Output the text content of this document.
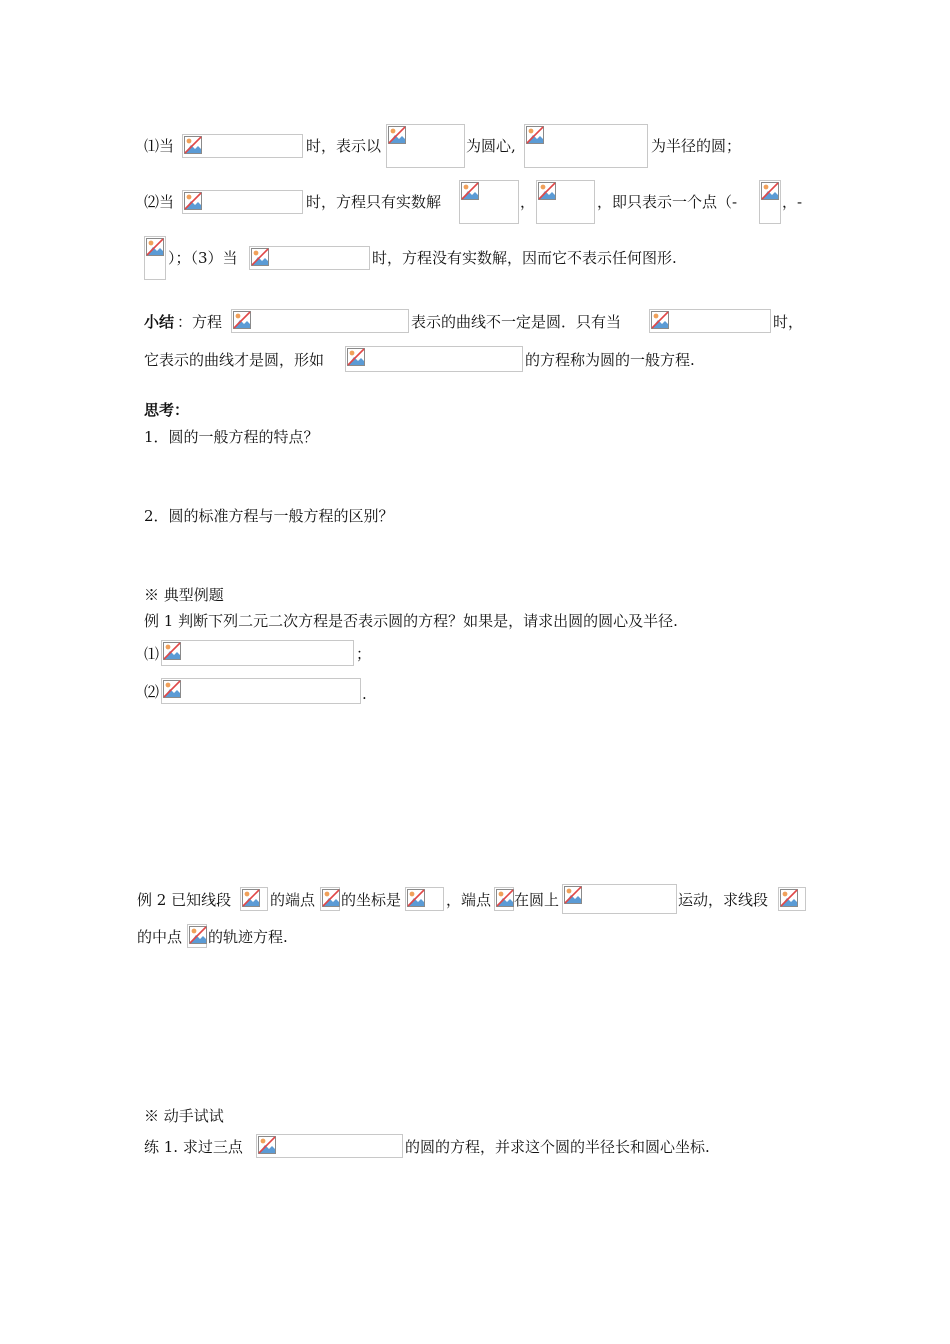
⑴当	时，表示以	为圆心,	为半径的圆；
⑵当	时，方程只有实数解	，	，即只表示一个点（-	，-
）；（3）当	时，方程没有实数解，因而它不表示任何图形.
小结 ：方程	表示的曲线不一定是圆．只有当	时，
它表示的曲线才是圆，形如	的方程称为圆的一般方程.
思考：
1．圆的一般方程的特点？
2．圆的标准方程与一般方程的区别？
※ 典型例题
例 1 判断下列二元二次方程是否表示圆的方程？如果是，请求出圆的圆心及半径.
⑴	；
⑵	.
例 2 已知线段	的端点 的坐标是	，端点 在圆上	运动，求线段
的中点 的轨迹方程.
※ 动手试试
练 1. 求过三点	的圆的方程，并求这个圆的半径长和圆心坐标.
